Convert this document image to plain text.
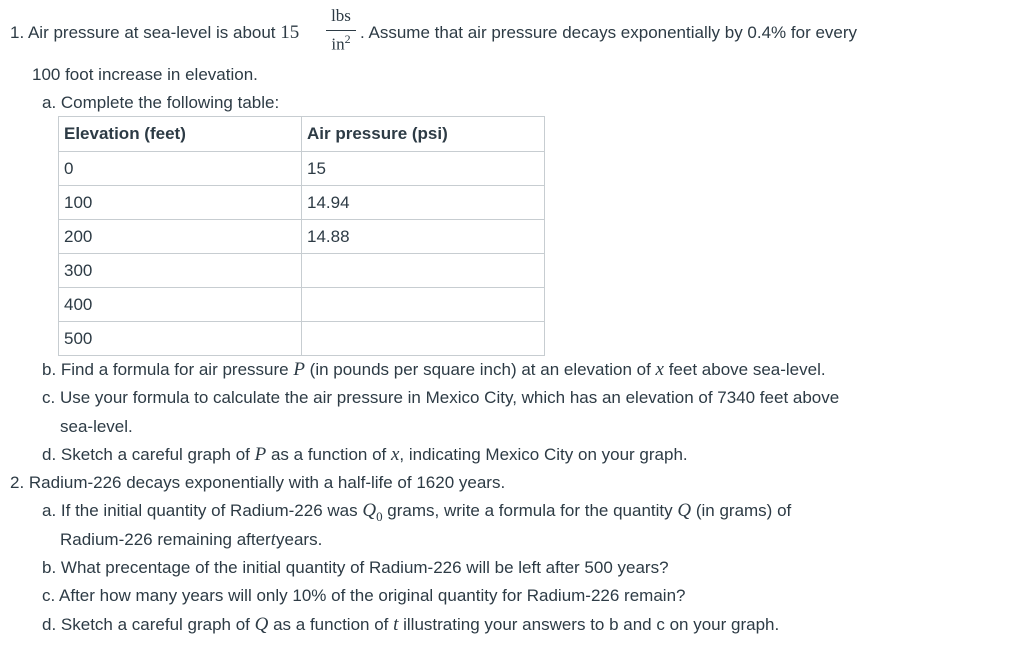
1. Air pressure at sea-level is about 15
lbs
$in^2$ . Assume that air pressure decays exponentially by 0.4% for every
100 foot increase in elevation.
a. Complete the following table:
Elevation (feet)	Air pressure (psi)
0	15
100	14.94
200	14.88
300	
400	
500	
b. Find a formula for air pressure P (in pounds per square inch) at an elevation of x feet above sea-level.
c. Use your formula to calculate the air pressure in Mexico City, which has an elevation of 7340 feet above
sea-level.
d. Sketch a careful graph of P as a function of x, indicating Mexico City on your graph.
2. Radium-226 decays exponentially with a half-life of 1620 years.
a. If the initial quantity of Radium-226 was $Q_0$ grams, write a formula for the quantity Q (in grams) of
Radium-226 remaining aftertyears.
b. What precentage of the initial quantity of Radium-226 will be left after 500 years?
c. After how many years will only 10% of the original quantity for Radium-226 remain?
d. Sketch a careful graph of Q as a function of t illustrating your answers to b and c on your graph.
